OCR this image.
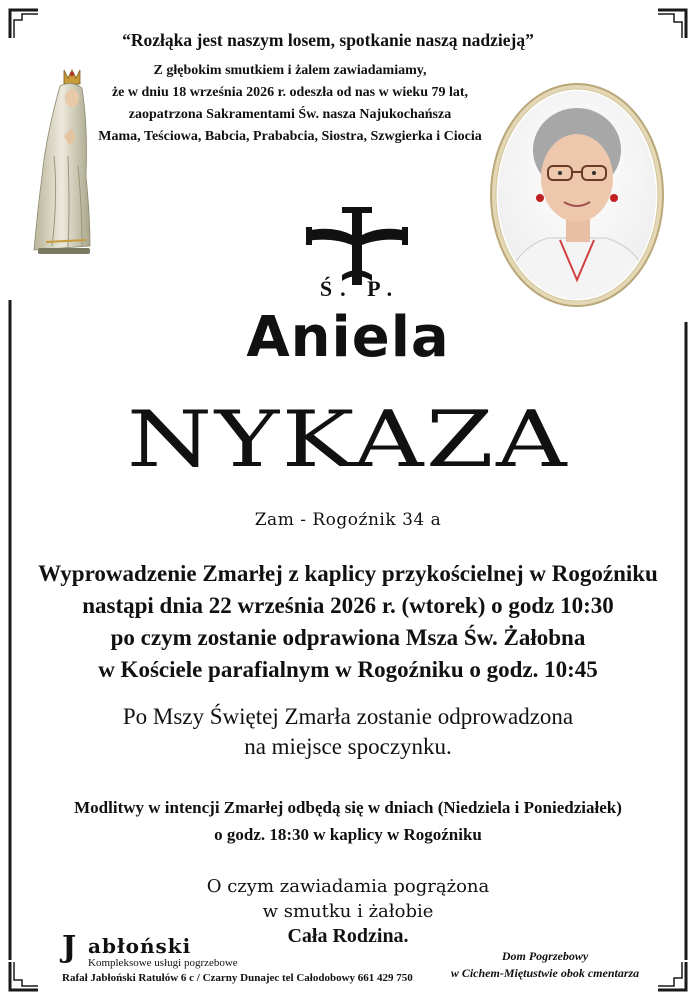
“Rozłąka jest naszym losem, spotkanie naszą nadzieją”
Z głębokim smutkiem i żalem zawiadamiamy,
że w dniu 18 września 2026 r. odeszła od nas w wieku 79 lat,
zaopatrzona Sakramentami Św. nasza Najukochańsza
Mama, Teściowa, Babcia, Prababcia, Siostra, Szwgierka i Ciocia
Ś. P.
Aniela
NYKAZA
Zam - Rogoźnik 34 a
Wyprowadzenie Zmarłej z kaplicy przykościelnej w Rogoźniku
nastąpi dnia 22 września 2026 r. (wtorek) o godz 10:30
po czym zostanie odprawiona Msza Św. Żałobna
w Kościele parafialnym w Rogoźniku o godz. 10:45
Po Mszy Świętej Zmarła zostanie odprowadzona
na miejsce spoczynku.
Modlitwy w intencji Zmarłej odbędą się w dniach (Niedziela i Poniedziałek)
o godz. 18:30 w kaplicy w Rogoźniku
O czym zawiadamia pogrążona
w smutku i żałobie
Cała Rodzina.
J abłoński
Kompleksowe usługi pogrzebowe
Rafał Jabłoński Ratułów 6 c / Czarny Dunajec tel Całodobowy 661 429 750
Dom Pogrzebowy
w Cichem-Miętustwie obok cmentarza
